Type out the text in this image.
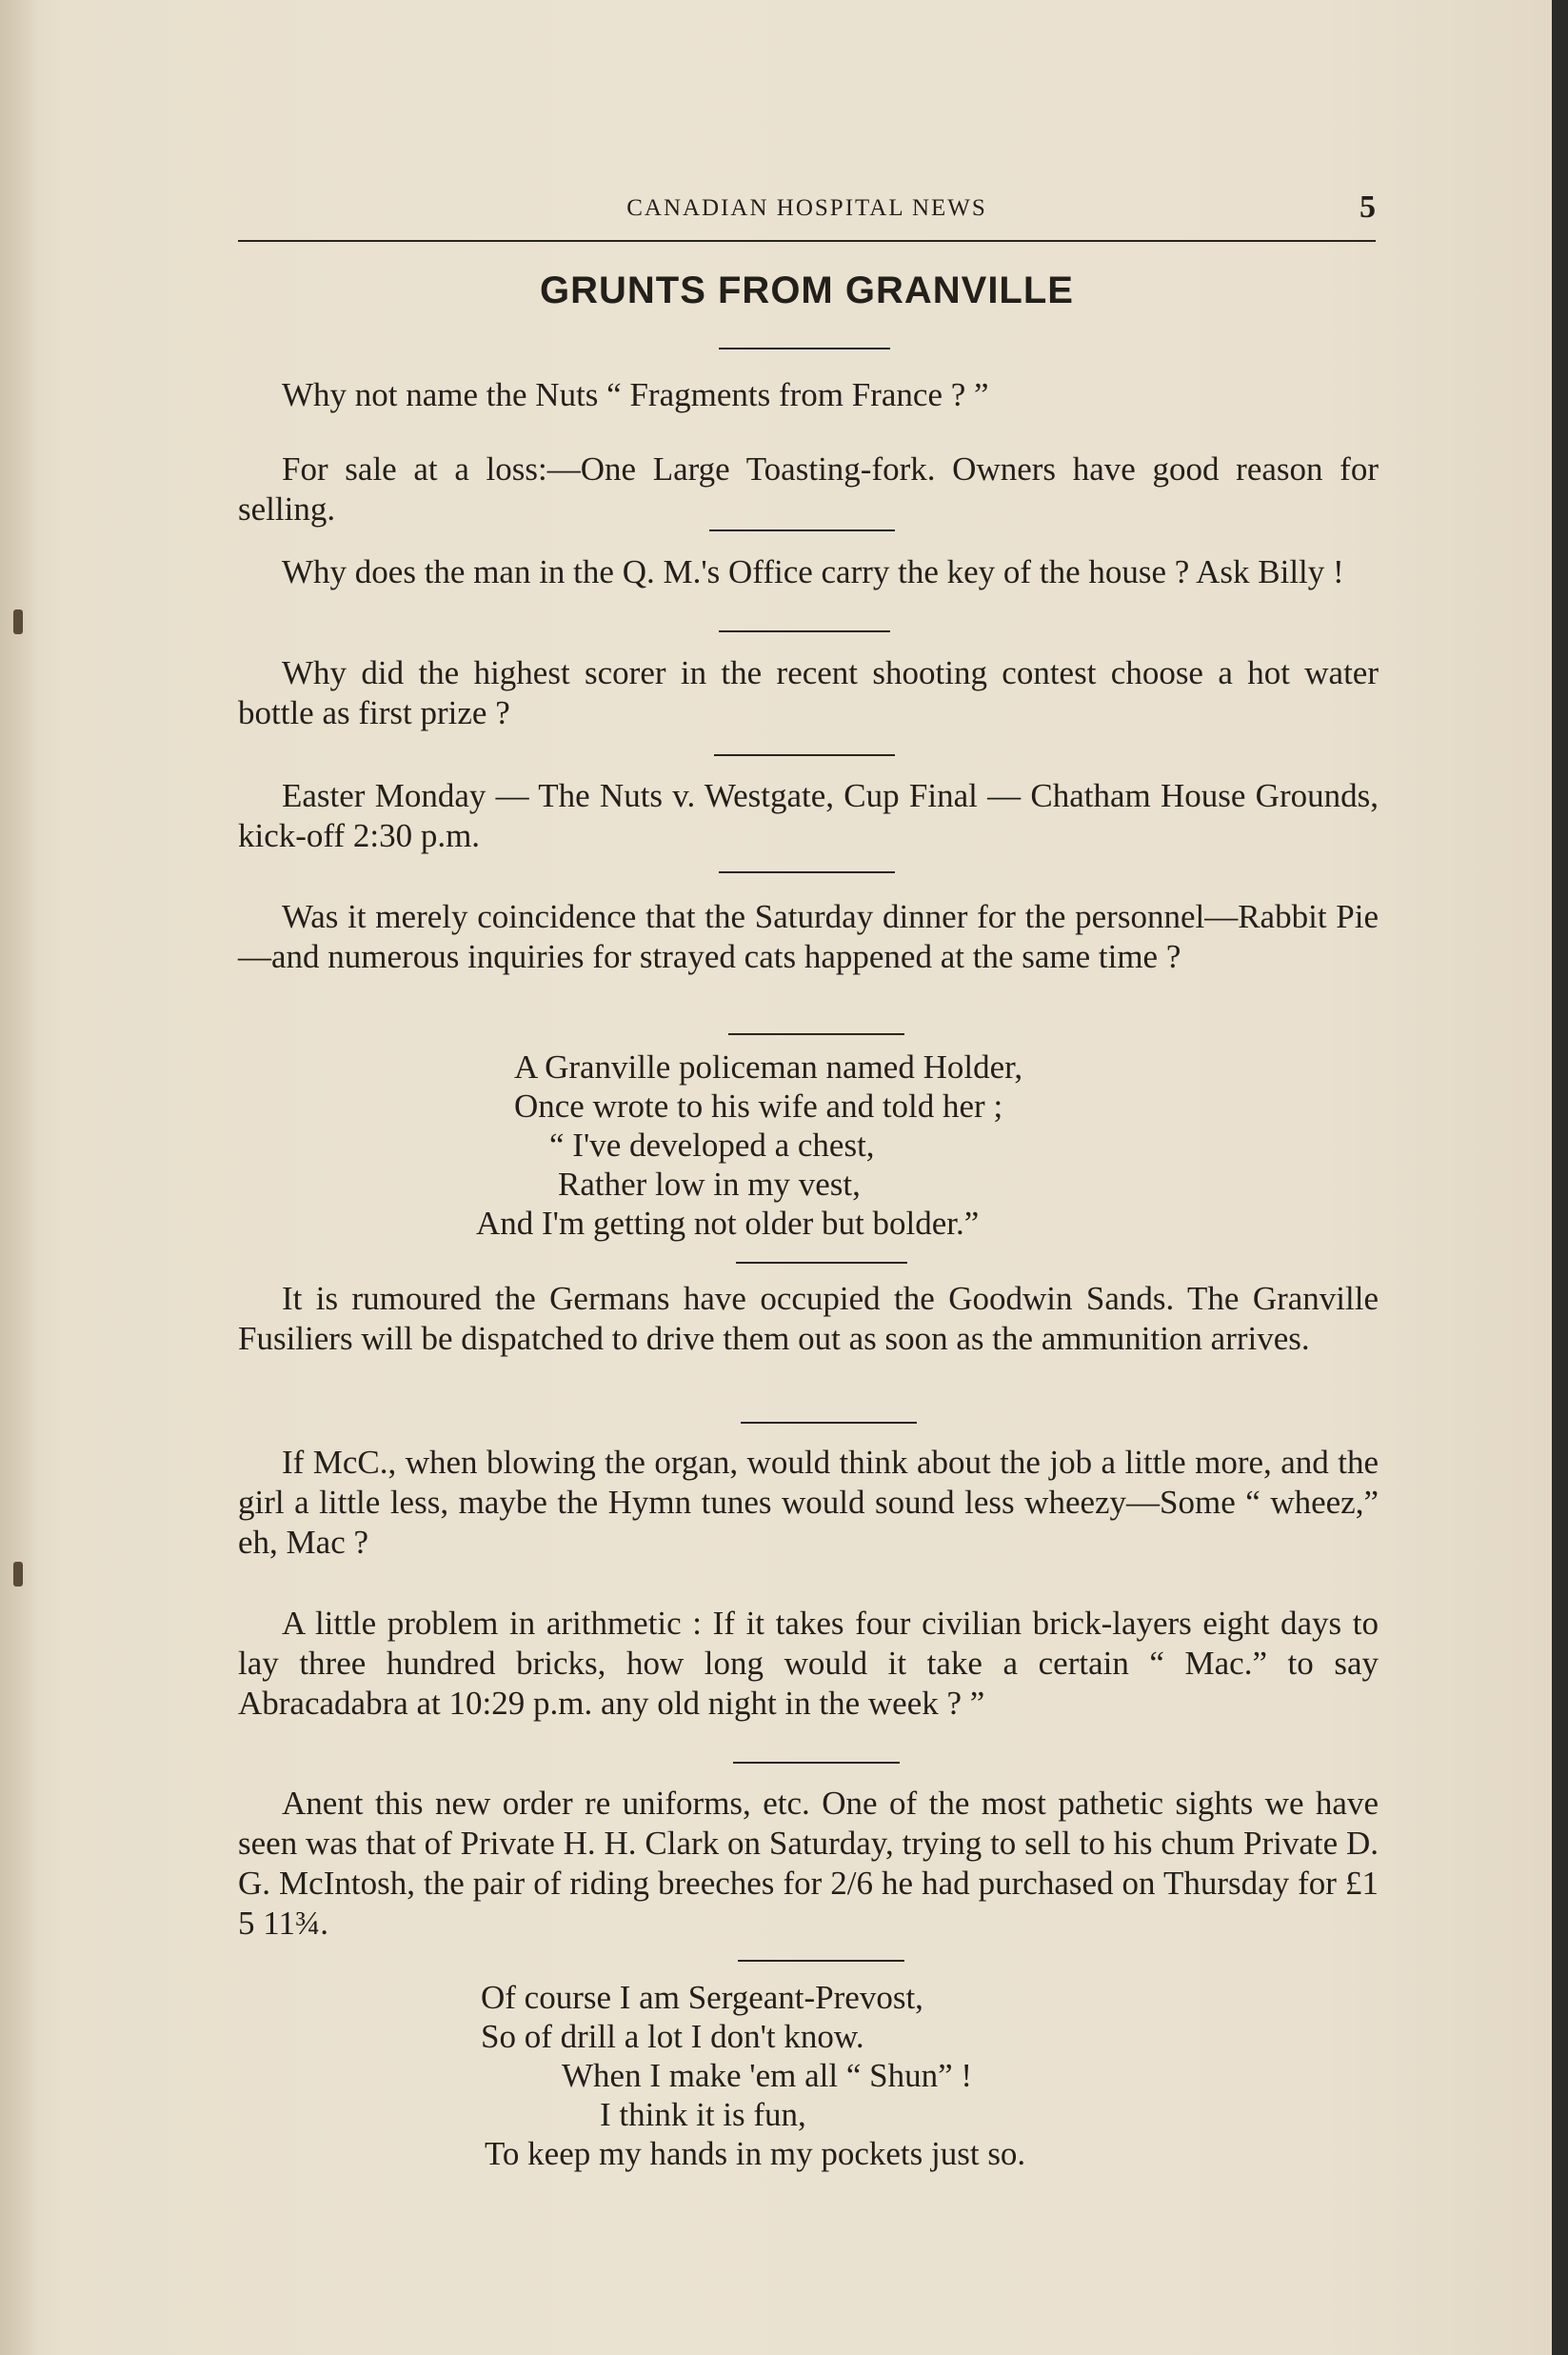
CANADIAN HOSPITAL NEWS	5
GRUNTS FROM GRANVILLE
Why not name the Nuts “ Fragments from France ? ”
For sale at a loss:—One Large Toasting-fork. Owners have good reason for selling.
Why does the man in the Q. M.'s Office carry the key of the house ? Ask Billy !
Why did the highest scorer in the recent shooting contest choose a hot water bottle as first prize ?
Easter Monday — The Nuts v. Westgate, Cup Final — Chatham House Grounds, kick-off 2:30 p.m.
Was it merely coincidence that the Saturday dinner for the personnel—Rabbit Pie—and numerous inquiries for strayed cats happened at the same time ?
A Granville policeman named Holder,
Once wrote to his wife and told her ;
“ I've developed a chest,
Rather low in my vest,
And I'm getting not older but bolder.”
It is rumoured the Germans have occupied the Goodwin Sands. The Granville Fusiliers will be dispatched to drive them out as soon as the ammunition arrives.
If McC., when blowing the organ, would think about the job a little more, and the girl a little less, maybe the Hymn tunes would sound less wheezy—Some “ wheez,” eh, Mac ?
A little problem in arithmetic : If it takes four civilian brick-layers eight days to lay three hundred bricks, how long would it take a certain “ Mac.” to say Abracadabra at 10:29 p.m. any old night in the week ? ”
Anent this new order re uniforms, etc. One of the most pathetic sights we have seen was that of Private H. H. Clark on Saturday, trying to sell to his chum Private D. G. McIntosh, the pair of riding breeches for 2/6 he had purchased on Thursday for £1 5 11¾.
Of course I am Sergeant-Prevost,
So of drill a lot I don't know.
When I make 'em all “ Shun” !
I think it is fun,
To keep my hands in my pockets just so.
